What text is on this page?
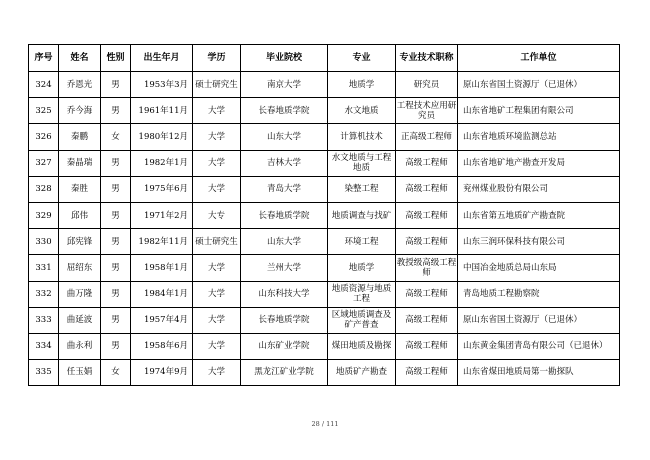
序号	姓名	性别	出生年月	学历	毕业院校	专业	专业技术职称	工作单位
324	乔恩光	男	1953年3月	硕士研究生	南京大学	地质学	研究员	原山东省国土资源厅（已退休）
325	乔今海	男	1961年11月	大学	长春地质学院	水文地质	工程技术应用研究员	山东省地矿工程集团有限公司
326	秦鹏	女	1980年12月	大学	山东大学	计算机技术	正高级工程师	山东省地质环境监测总站
327	秦晶瑞	男	1982年1月	大学	吉林大学	水文地质与工程地质	高级工程师	山东省地矿地产勘查开发局
328	秦胜	男	1975年6月	大学	青岛大学	染整工程	高级工程师	兖州煤业股份有限公司
329	邱伟	男	1971年2月	大专	长春地质学院	地质调查与找矿	高级工程师	山东省第五地质矿产勘查院
330	邱宪锋	男	1982年11月	硕士研究生	山东大学	环境工程	高级工程师	山东三润环保科技有限公司
331	屈绍东	男	1958年1月	大学	兰州大学	地质学	教授级高级工程师	中国冶金地质总局山东局
332	曲万隆	男	1984年1月	大学	山东科技大学	地质资源与地质工程	高级工程师	青岛地质工程勘察院
333	曲延波	男	1957年4月	大学	长春地质学院	区域地质调查及矿产普查	高级工程师	原山东省国土资源厅（已退休）
334	曲永利	男	1958年6月	大学	山东矿业学院	煤田地质及勘探	高级工程师	山东黄金集团青岛有限公司（已退休）
335	任玉娟	女	1974年9月	大学	黑龙江矿业学院	地质矿产勘查	高级工程师	山东省煤田地质局第一勘探队
28 / 111
